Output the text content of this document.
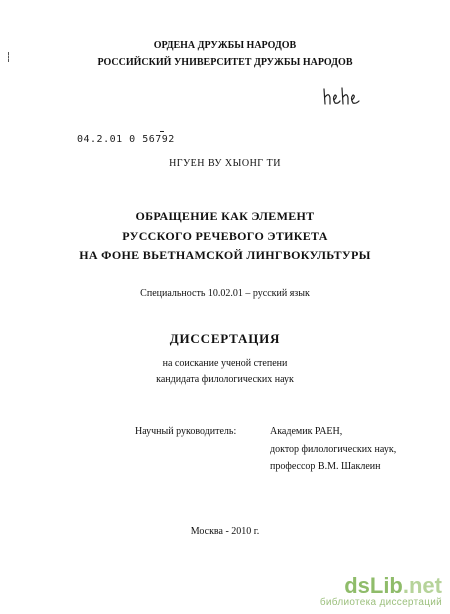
ОРДЕНА ДРУЖБЫ НАРОДОВ
РОССИЙСКИЙ УНИВЕРСИТЕТ ДРУЖБЫ НАРОДОВ
04.2.01 0 56792
НГУЕН ВУ ХЫОНГ ТИ
ОБРАЩЕНИЕ КАК ЭЛЕМЕНТ
РУССКОГО РЕЧЕВОГО ЭТИКЕТА
НА ФОНЕ ВЬЕТНАМСКОЙ ЛИНГВОКУЛЬТУРЫ
Специальность 10.02.01 – русский язык
ДИССЕРТАЦИЯ
на соискание ученой степени
кандидата филологических наук
Научный руководитель:	Академик РАЕН,
доктор филологических наук,
профессор В.М. Шаклеин
Москва - 2010 г.
dsLib.net
библиотека диссертаций
